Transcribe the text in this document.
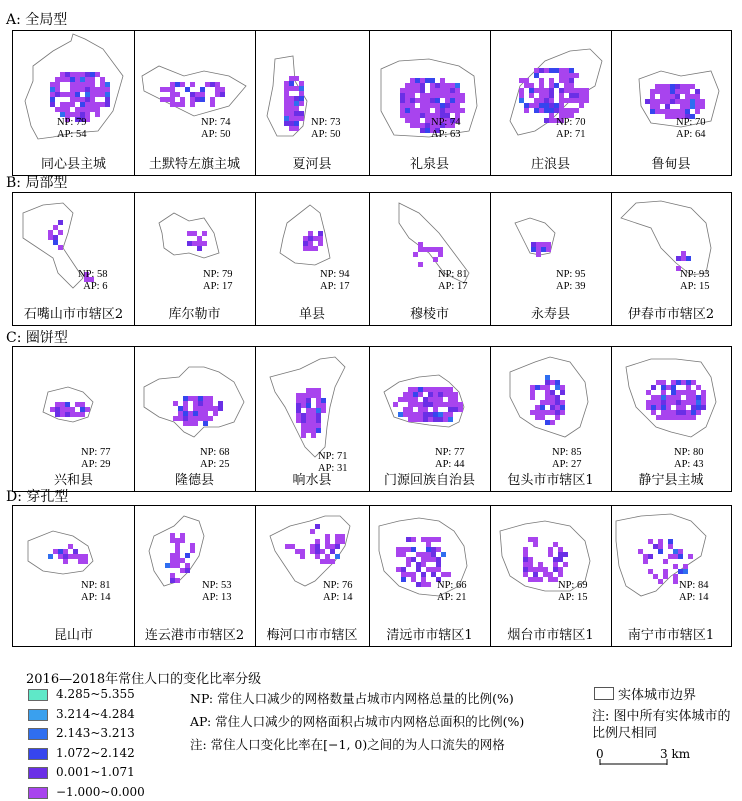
A: 全局型
NP: 79
AP: 54
同心县主城
NP: 74
AP: 50
土默特左旗主城
NP: 73
AP: 50
夏河县
NP: 74
AP: 63
礼泉县
NP: 70
AP: 71
庄浪县
NP: 70
AP: 64
鲁甸县
B: 局部型
NP: 58
AP: 6
石嘴山市市辖区2
NP: 79
AP: 17
库尔勒市
NP: 94
AP: 17
单县
NP: 81
AP: 17
穆棱市
NP: 95
AP: 39
永寿县
NP: 93
AP: 15
伊春市市辖区2
C: 圈饼型
NP: 77
AP: 29
兴和县
NP: 68
AP: 25
隆德县
NP: 71
AP: 31
响水县
NP: 77
AP: 44
门源回族自治县
NP: 85
AP: 27
包头市市辖区1
NP: 80
AP: 43
静宁县主城
D: 穿孔型
NP: 81
AP: 14
昆山市
NP: 53
AP: 13
连云港市市辖区2
NP: 76
AP: 14
梅河口市市辖区
NP: 66
AP: 21
清远市市辖区1
NP: 69
AP: 15
烟台市市辖区1
NP: 84
AP: 14
南宁市市辖区1
2016—2018年常住人口的变化比率分级
4.285~5.355
3.214~4.284
2.143~3.213
1.072~2.142
0.001~1.071
−1.000~0.000
NP: 常住人口减少的网格数量占城市内网格总量的比例(%)
AP: 常住人口减少的网格面积占城市内网格总面积的比例(%)
注: 常住人口变化比率在[−1, 0)之间的为人口流失的网格
实体城市边界
注: 图中所有实体城市的比例尺相同
0	3 km
